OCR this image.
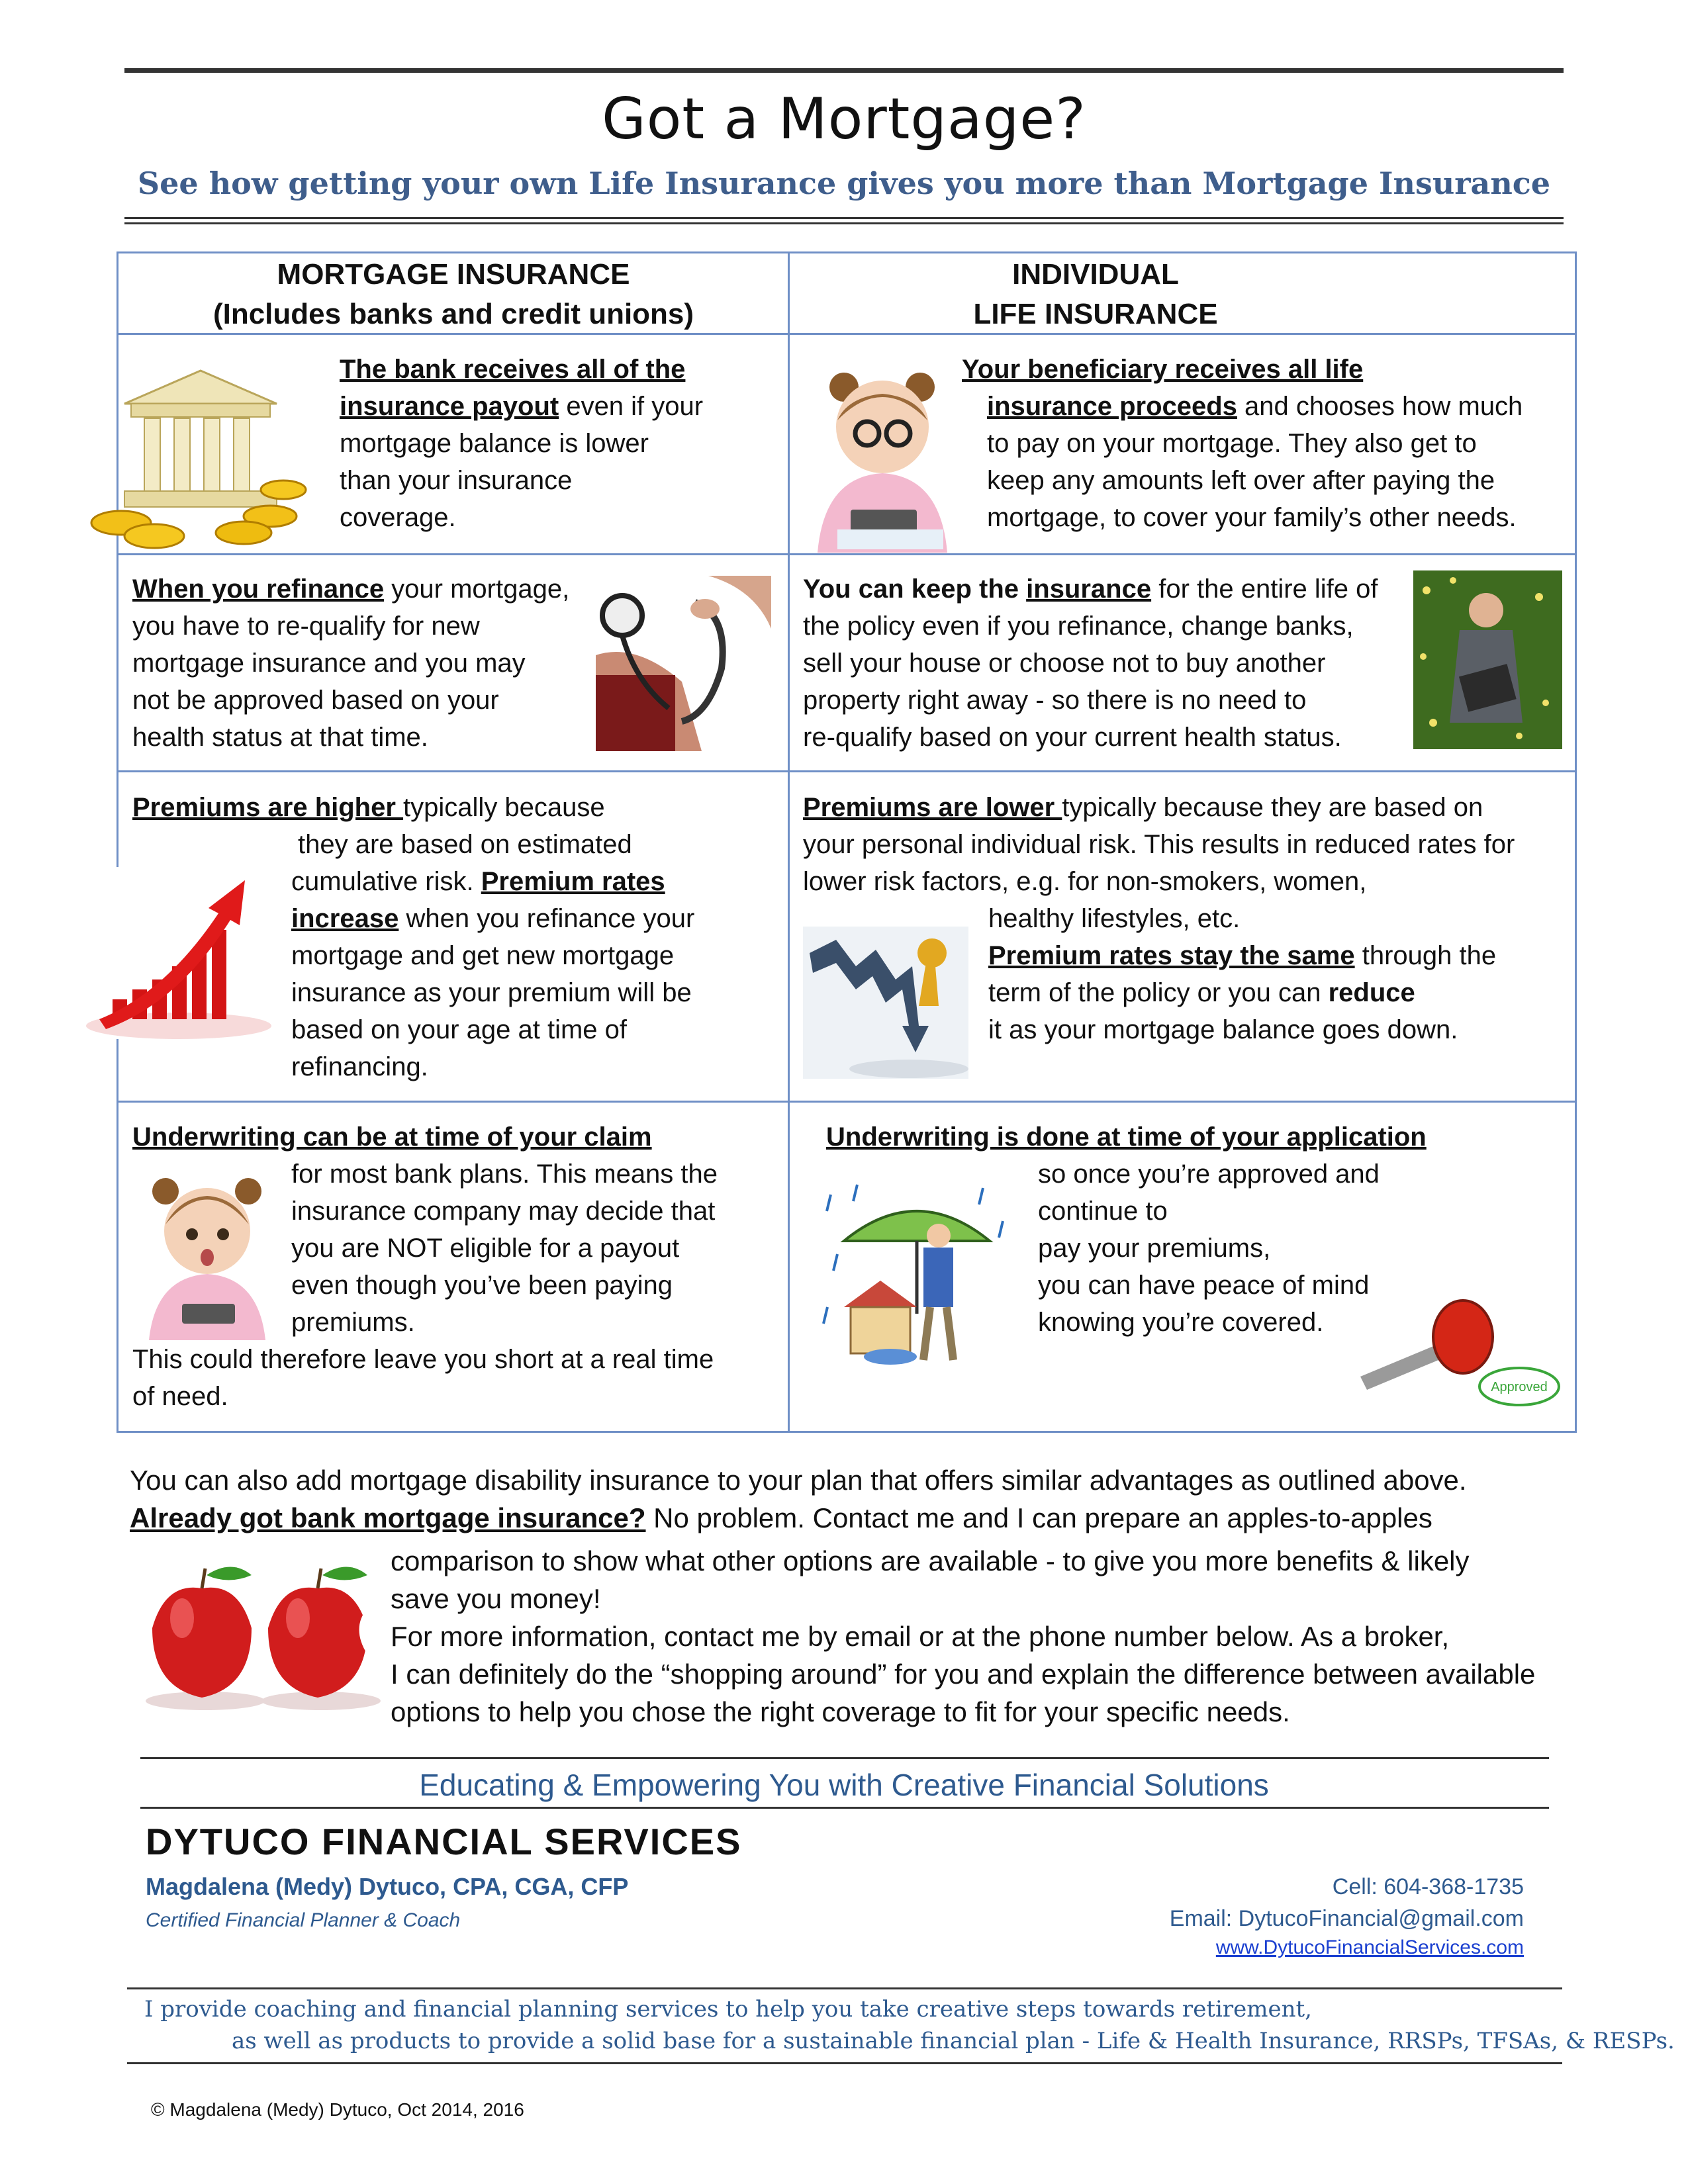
Got a Mortgage?
See how getting your own Life Insurance gives you more than Mortgage Insurance
MORTGAGE INSURANCE
(Includes banks and credit unions)
INDIVIDUAL
LIFE INSURANCE
The bank receives all of the
insurance payout even if your
mortgage balance is lower
than your insurance
coverage.
Your beneficiary receives all life
insurance proceeds and chooses how much
to pay on your mortgage. They also get to
keep any amounts left over after paying the
mortgage, to cover your family’s other needs.
When you refinance your mortgage,
you have to re-qualify for new
mortgage insurance and you may
not be approved based on your
health status at that time.
You can keep the insurance for the entire life of
the policy even if you refinance, change banks,
sell your house or choose not to buy another
property right away - so there is no need to
re-qualify based on your current health status.
Premiums are higher typically because
they are based on estimated
cumulative risk. Premium rates
increase when you refinance your
mortgage and get new mortgage
insurance as your premium will be
based on your age at time of
refinancing.
Premiums are lower typically because they are based on
your personal individual risk. This results in reduced rates for
lower risk factors, e.g. for non-smokers, women,
healthy lifestyles, etc.
Premium rates stay the same through the
term of the policy or you can reduce
it as your mortgage balance goes down.
Underwriting can be at time of your claim
for most bank plans. This means the
insurance company may decide that
you are NOT eligible for a payout
even though you’ve been paying
premiums.
This could therefore leave you short at a real time
of need.
Underwriting is done at time of your application
so once you’re approved and
continue to
pay your premiums,
you can have peace of mind
knowing you’re covered.
Approved
You can also add mortgage disability insurance to your plan that offers similar advantages as outlined above.
Already got bank mortgage insurance? No problem. Contact me and I can prepare an apples-to-apples
comparison to show what other options are available - to give you more benefits & likely
save you money!
For more information, contact me by email or at the phone number below. As a broker,
I can definitely do the “shopping around” for you and explain the difference between available
options to help you chose the right coverage to fit for your specific needs.
Educating & Empowering You with Creative Financial Solutions
DYTUCO FINANCIAL SERVICES
Magdalena (Medy) Dytuco, CPA, CGA, CFP
Certified Financial Planner & Coach
Cell: 604-368-1735
Email: DytucoFinancial@gmail.com
www.DytucoFinancialServices.com
I provide coaching and financial planning services to help you take creative steps towards retirement,
as well as products to provide a solid base for a sustainable financial plan - Life & Health Insurance, RRSPs, TFSAs, & RESPs.
© Magdalena (Medy) Dytuco, Oct 2014, 2016
